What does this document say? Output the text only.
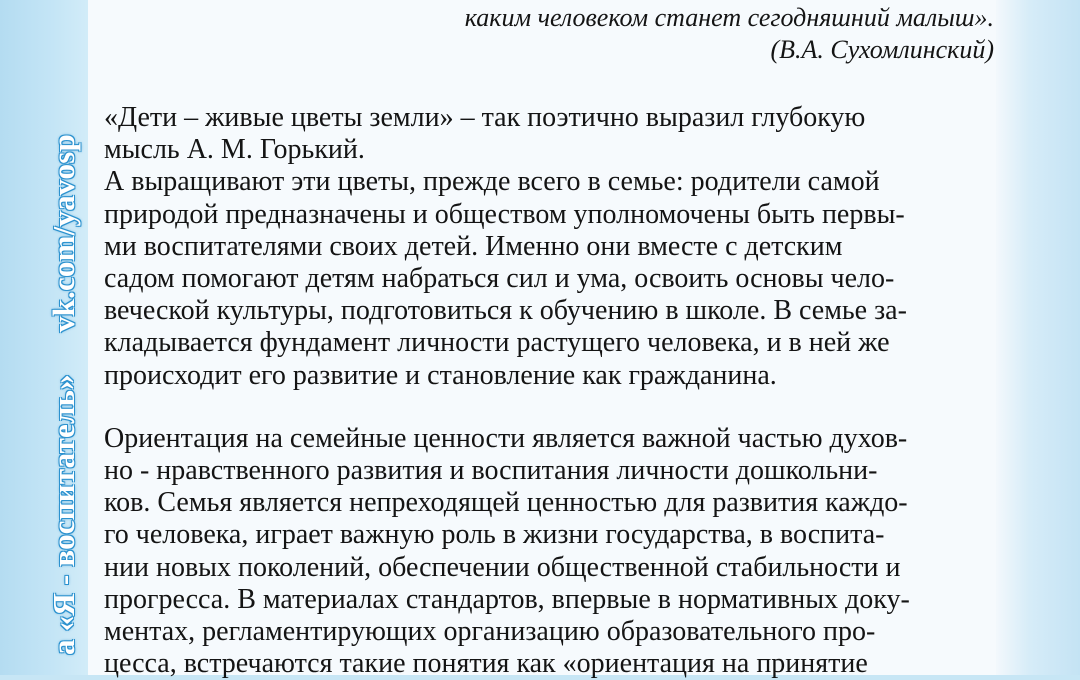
а «Я - воспитатель»vk.com/yavosp
каким человеком станет сегодняшний малыш».
(В.А. Сухомлинский)
«Дети – живые цветы земли» – так поэтично выразил глубокую
мысль А. М. Горький.
А выращивают эти цветы, прежде всего в семье: родители самой
природой предназначены и обществом уполномочены быть первы-
ми воспитателями своих детей. Именно они вместе с детским
садом помогают детям набраться сил и ума, освоить основы чело-
веческой культуры, подготовиться к обучению в школе. В семье за-
кладывается фундамент личности растущего человека, и в ней же
происходит его развитие и становление как гражданина.
Ориентация на семейные ценности является важной частью духов-
но - нравственного развития и воспитания личности дошкольни-
ков. Семья является непреходящей ценностью для развития каждо-
го человека, играет важную роль в жизни государства, в воспита-
нии новых поколений, обеспечении общественной стабильности и
прогресса. В материалах стандартов, впервые в нормативных доку-
ментах, регламентирующих организацию образовательного про-
цесса, встречаются такие понятия как «ориентация на принятие
